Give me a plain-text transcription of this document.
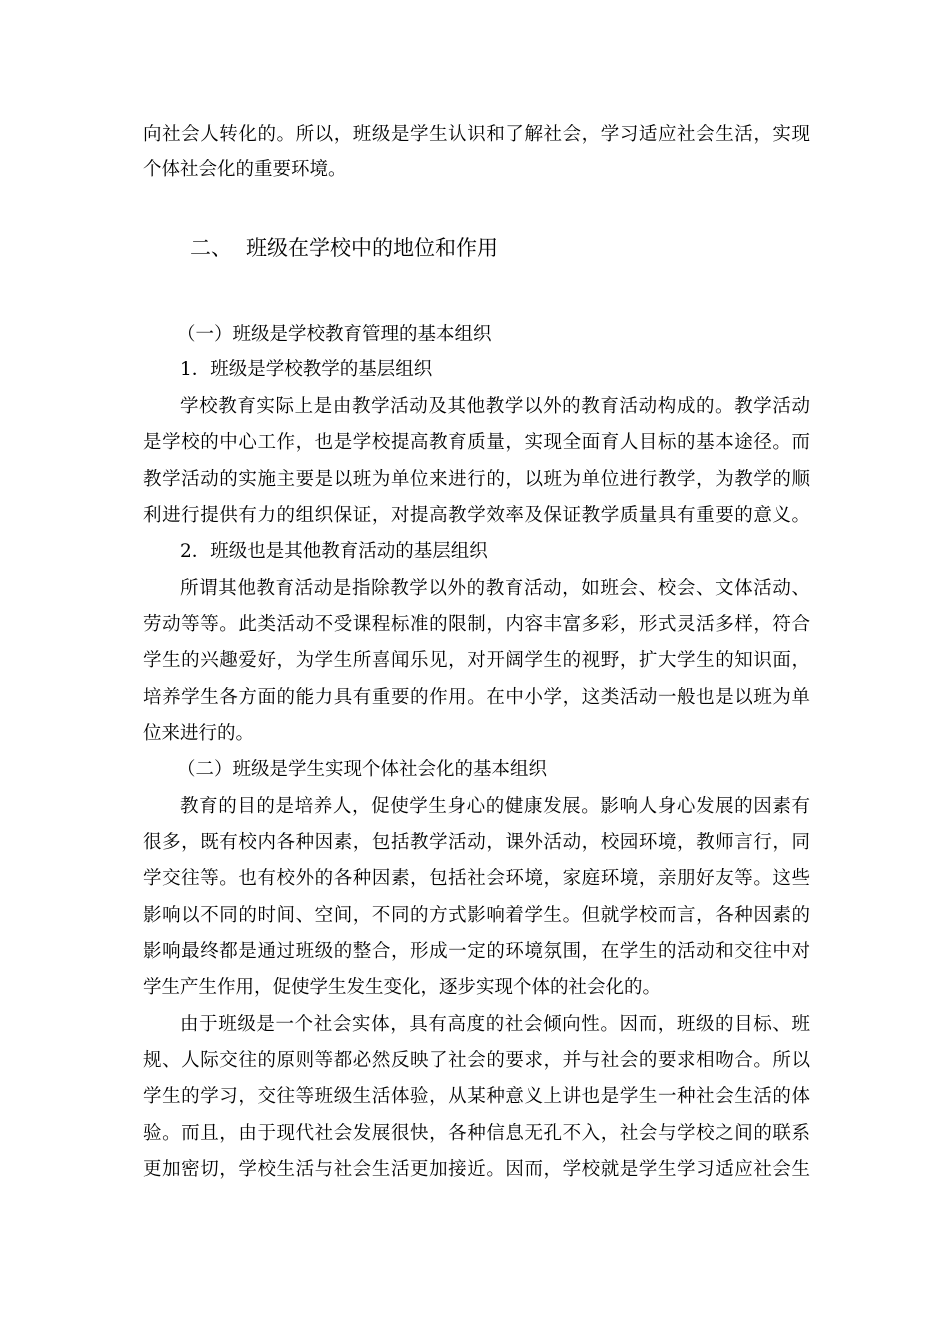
向社会人转化的。所以，班级是学生认识和了解社会，学习适应社会生活，实现
个体社会化的重要环境。
二、 班级在学校中的地位和作用
（一）班级是学校教育管理的基本组织
1．班级是学校教学的基层组织
学校教育实际上是由教学活动及其他教学以外的教育活动构成的。教学活动
是学校的中心工作，也是学校提高教育质量，实现全面育人目标的基本途径。而
教学活动的实施主要是以班为单位来进行的，以班为单位进行教学，为教学的顺
利进行提供有力的组织保证，对提高教学效率及保证教学质量具有重要的意义。
2．班级也是其他教育活动的基层组织
所谓其他教育活动是指除教学以外的教育活动，如班会、校会、文体活动、
劳动等等。此类活动不受课程标准的限制，内容丰富多彩，形式灵活多样，符合
学生的兴趣爱好，为学生所喜闻乐见，对开阔学生的视野，扩大学生的知识面，
培养学生各方面的能力具有重要的作用。在中小学，这类活动一般也是以班为单
位来进行的。
（二）班级是学生实现个体社会化的基本组织
教育的目的是培养人，促使学生身心的健康发展。影响人身心发展的因素有
很多，既有校内各种因素，包括教学活动，课外活动，校园环境，教师言行，同
学交往等。也有校外的各种因素，包括社会环境，家庭环境，亲朋好友等。这些
影响以不同的时间、空间，不同的方式影响着学生。但就学校而言，各种因素的
影响最终都是通过班级的整合，形成一定的环境氛围，在学生的活动和交往中对
学生产生作用，促使学生发生变化，逐步实现个体的社会化的。
由于班级是一个社会实体，具有高度的社会倾向性。因而，班级的目标、班
规、人际交往的原则等都必然反映了社会的要求，并与社会的要求相吻合。所以
学生的学习，交往等班级生活体验，从某种意义上讲也是学生一种社会生活的体
验。而且，由于现代社会发展很快，各种信息无孔不入，社会与学校之间的联系
更加密切，学校生活与社会生活更加接近。因而，学校就是学生学习适应社会生
